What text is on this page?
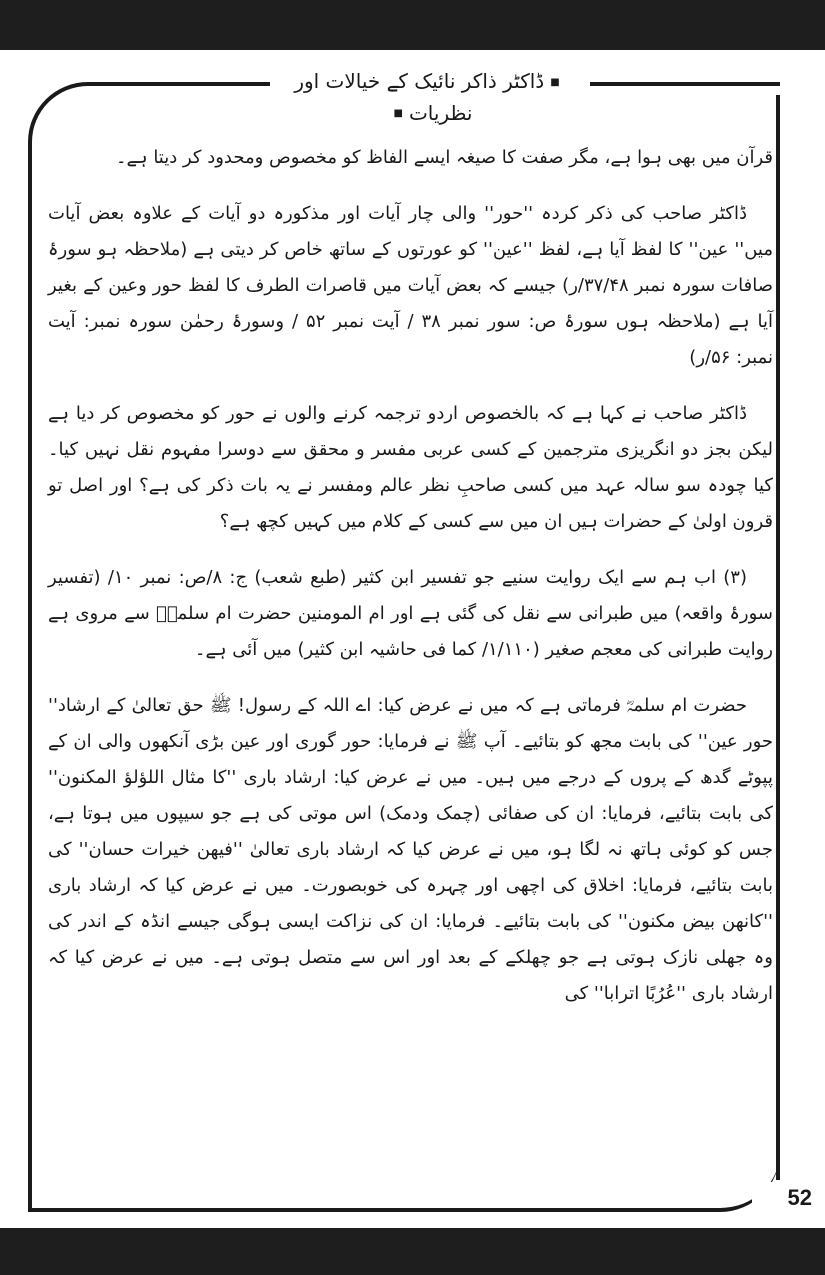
■ ڈاکٹر ذاکر نائیک کے خیالات اور نظریات ■

قرآن میں بھی ہوا ہے، مگر صفت کا صیغہ ایسے الفاظ کو مخصوص ومحدود کر دیتا ہے۔

ڈاکٹر صاحب کی ذکر کردہ ''حور'' والی چار آیات اور مذکورہ دو آیات کے علاوہ بعض آیات میں'' عین'' کا لفظ آیا ہے، لفظ ''عین'' کو عورتوں کے ساتھ خاص کر دیتی ہے (ملاحظہ ہو سورۂ صافات سورہ نمبر ۳۷/۴۸/ر) جیسے کہ بعض آیات میں قاصرات الطرف کا لفظ حور وعین کے بغیر آیا ہے (ملاحظہ ہوں سورۂ ص: سور نمبر ۳۸ / آیت نمبر ۵۲ / وسورۂ رحمٰن سورہ نمبر: آیت نمبر: ۵۶/ر)

ڈاکٹر صاحب نے کہا ہے کہ بالخصوص اردو ترجمہ کرنے والوں نے حور کو مخصوص کر دیا ہے لیکن بجز دو انگریزی مترجمین کے کسی عربی مفسر و محقق سے دوسرا مفہوم نقل نہیں کیا۔ کیا چودہ سو سالہ عہد میں کسی صاحبِ نظر عالم ومفسر نے یہ بات ذکر کی ہے؟ اور اصل تو قرون اولیٰ کے حضرات ہیں ان میں سے کسی کے کلام میں کہیں کچھ ہے؟

(۳) اب ہم سے ایک روایت سنیے جو تفسیر ابن کثیر (طبع شعب) ج: ۸/ص: نمبر ۱۰/ (تفسیر سورۂ واقعہ) میں طبرانی سے نقل کی گئی ہے اور ام المومنین حضرت ام سلمہؓ سے مروی ہے روایت طبرانی کی معجم صغیر (۱/۱۱۰/ کما فی حاشیہ ابن کثیر) میں آئی ہے۔

حضرت ام سلمہؓ فرماتی ہے کہ میں نے عرض کیا: اے اللہ کے رسول! ﷺ حق تعالیٰ کے ارشاد'' حور عین'' کی بابت مجھ کو بتائیے۔ آپ ﷺ نے فرمایا: حور گوری اور عین بڑی آنکھوں والی ان کے پپوٹے گدھ کے پروں کے درجے میں ہیں۔ میں نے عرض کیا: ارشاد باری ''کا مثال اللؤلؤ المکنون'' کی بابت بتائیے، فرمایا: ان کی صفائی (چمک ودمک) اس موتی کی ہے جو سیپوں میں ہوتا ہے، جس کو کوئی ہاتھ نہ لگا ہو، میں نے عرض کیا کہ ارشاد باری تعالیٰ ''فیھن خیرات حسان'' کی بابت بتائیے، فرمایا: اخلاق کی اچھی اور چہرہ کی خوبصورت۔ میں نے عرض کیا کہ ارشاد باری ''کانھن بیض مکنون'' کی بابت بتائیے۔ فرمایا: ان کی نزاکت ایسی ہوگی جیسے انڈہ کے اندر کی وہ جھلی نازک ہوتی ہے جو چھلکے کے بعد اور اس سے متصل ہوتی ہے۔ میں نے عرض کیا کہ ارشاد باری ''عُرُبًا اترابا'' کی

52
